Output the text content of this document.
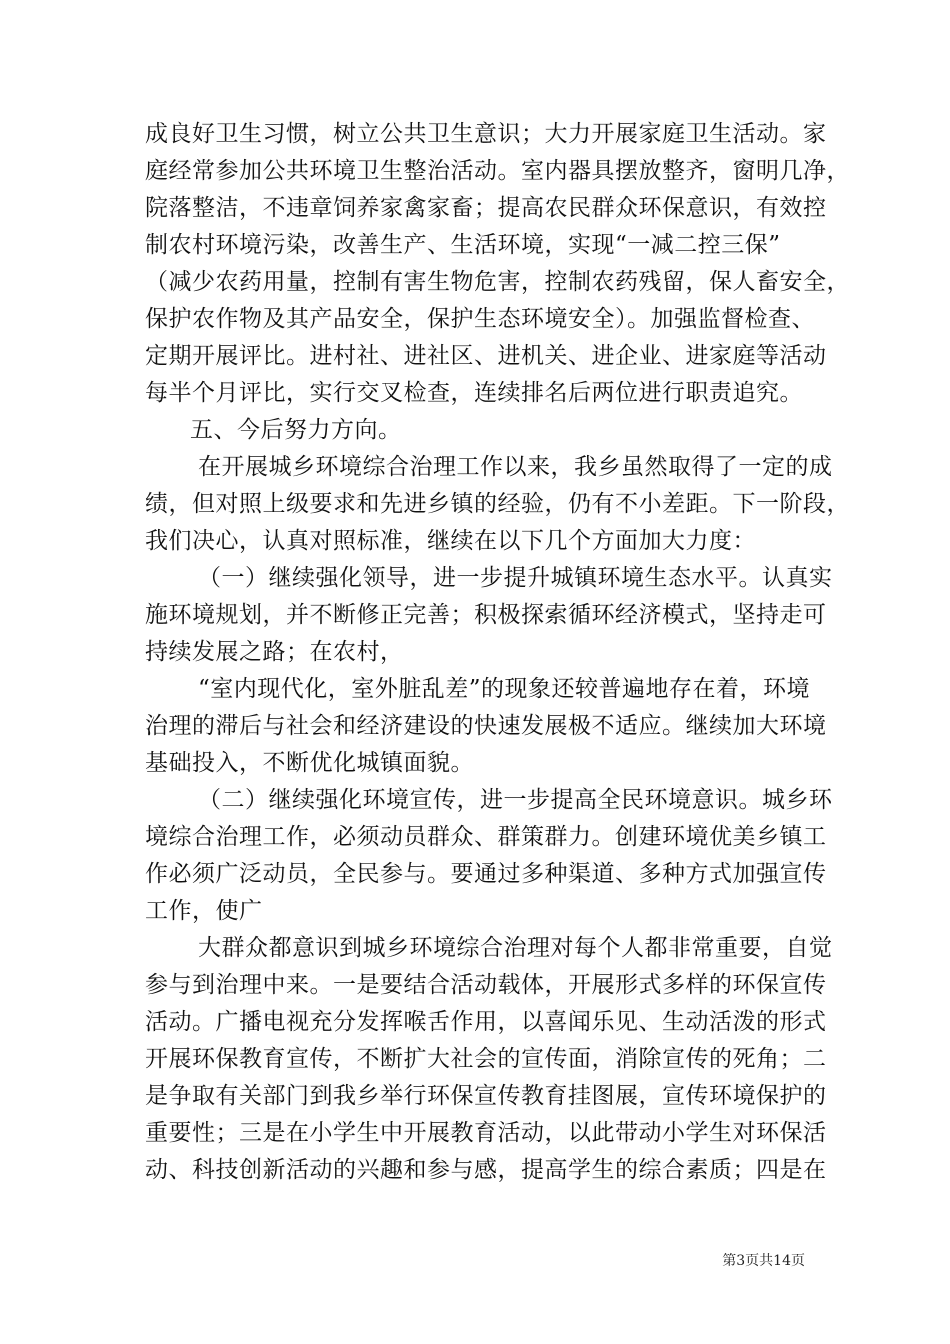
成良好卫生习惯，树立公共卫生意识；大力开展家庭卫生活动。家
庭经常参加公共环境卫生整治活动。室内器具摆放整齐，窗明几净，
院落整洁，不违章饲养家禽家畜；提高农民群众环保意识，有效控
制农村环境污染，改善生产、生活环境，实现“一减二控三保”
（减少农药用量，控制有害生物危害，控制农药残留，保人畜安全，
保护农作物及其产品安全，保护生态环境安全）。加强监督检查、
定期开展评比。进村社、进社区、进机关、进企业、进家庭等活动
每半个月评比，实行交叉检查，连续排名后两位进行职责追究。
五、今后努力方向。
在开展城乡环境综合治理工作以来，我乡虽然取得了一定的成
绩，但对照上级要求和先进乡镇的经验，仍有不小差距。下一阶段，
我们决心，认真对照标准，继续在以下几个方面加大力度：
（一）继续强化领导，进一步提升城镇环境生态水平。认真实
施环境规划，并不断修正完善；积极探索循环经济模式，坚持走可
持续发展之路；在农村，
“室内现代化，室外脏乱差”的现象还较普遍地存在着，环境
治理的滞后与社会和经济建设的快速发展极不适应。继续加大环境
基础投入，不断优化城镇面貌。
（二）继续强化环境宣传，进一步提高全民环境意识。城乡环
境综合治理工作，必须动员群众、群策群力。创建环境优美乡镇工
作必须广泛动员，全民参与。要通过多种渠道、多种方式加强宣传
工作，使广
大群众都意识到城乡环境综合治理对每个人都非常重要，自觉
参与到治理中来。一是要结合活动载体，开展形式多样的环保宣传
活动。广播电视充分发挥喉舌作用，以喜闻乐见、生动活泼的形式
开展环保教育宣传，不断扩大社会的宣传面，消除宣传的死角；二
是争取有关部门到我乡举行环保宣传教育挂图展，宣传环境保护的
重要性；三是在小学生中开展教育活动，以此带动小学生对环保活
动、科技创新活动的兴趣和参与感，提高学生的综合素质；四是在
第3页共14页
